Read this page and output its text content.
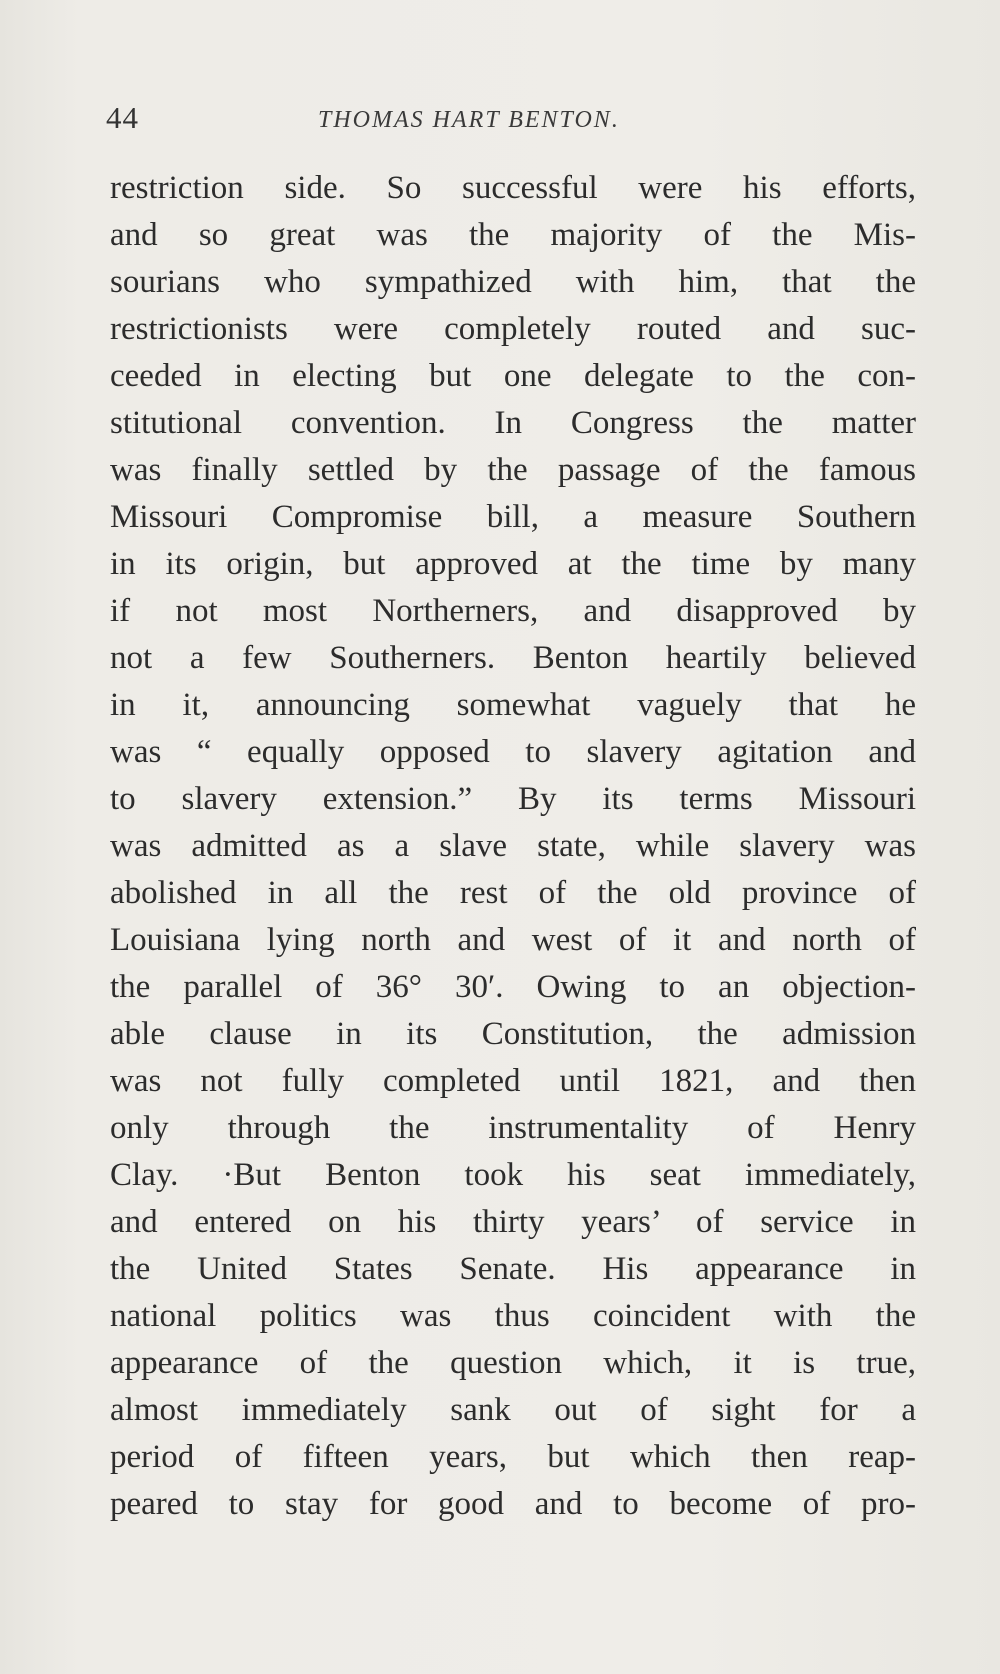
44	THOMAS HART BENTON.
restriction side. So successful were his efforts,
and so great was the majority of the Mis-
sourians who sympathized with him, that the
restrictionists were completely routed and suc-
ceeded in electing but one delegate to the con-
stitutional convention. In Congress the matter
was finally settled by the passage of the famous
Missouri Compromise bill, a measure Southern
in its origin, but approved at the time by many
if not most Northerners, and disapproved by
not a few Southerners. Benton heartily believed
in it, announcing somewhat vaguely that he
was “ equally opposed to slavery agitation and
to slavery extension.” By its terms Missouri
was admitted as a slave state, while slavery was
abolished in all the rest of the old province of
Louisiana lying north and west of it and north of
the parallel of 36° 30′. Owing to an objection-
able clause in its Constitution, the admission
was not fully completed until 1821, and then
only through the instrumentality of Henry
Clay. ·But Benton took his seat immediately,
and entered on his thirty years’ of service in
the United States Senate. His appearance in
national politics was thus coincident with the
appearance of the question which, it is true,
almost immediately sank out of sight for a
period of fifteen years, but which then reap-
peared to stay for good and to become of pro-
